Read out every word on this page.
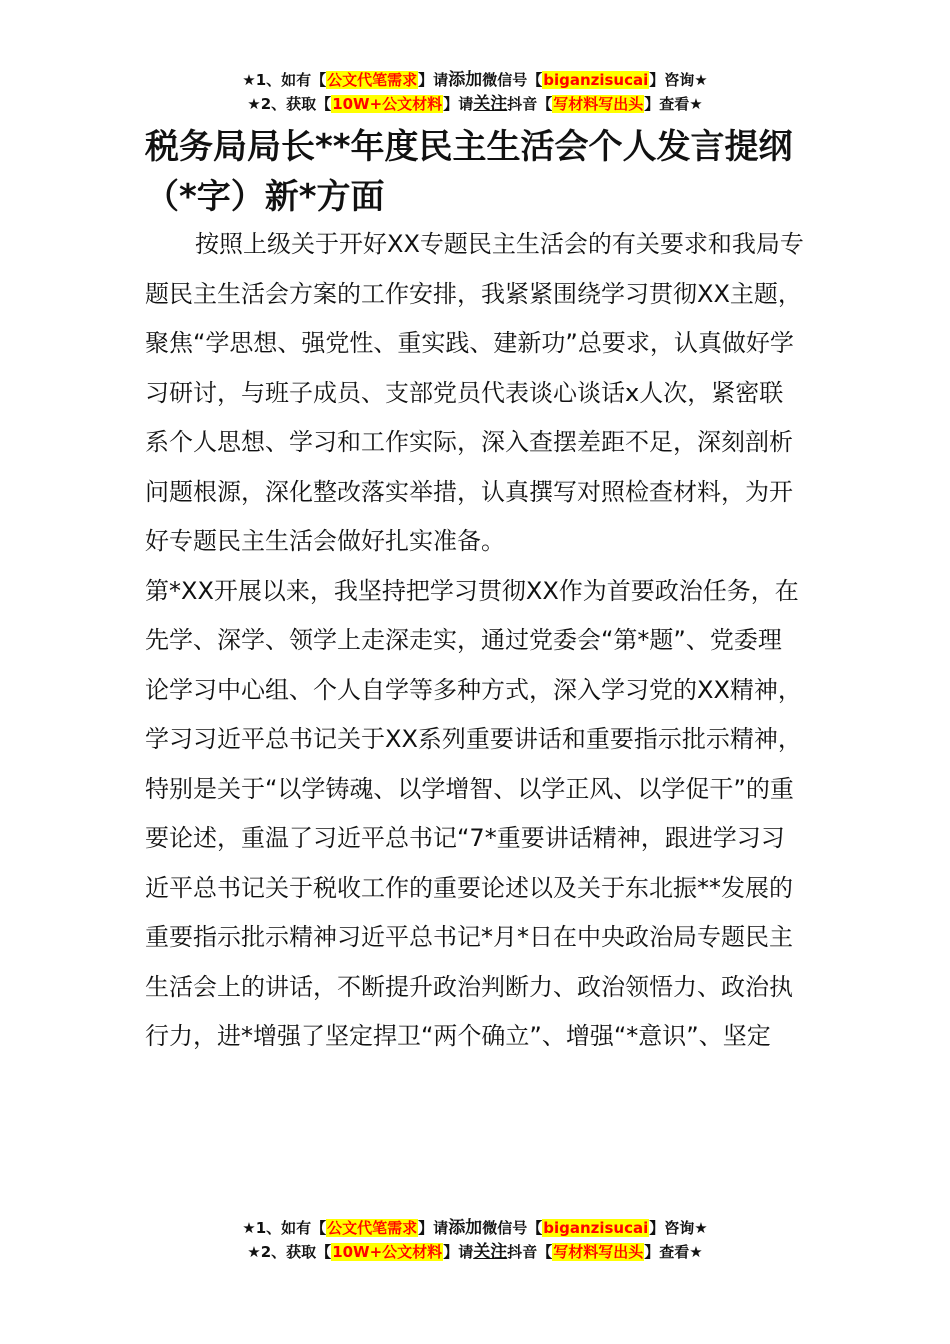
★1、如有【公文代笔需求】请添加微信号【biganzisucai】咨询★
★2、获取【10W+公文材料】请关注抖音【写材料写出头】查看★
税务局局长**年度民主生活会个人发言提纲（*字）新*方面

按照上级关于开好XX专题民主生活会的有关要求和我局专题民主生活会方案的工作安排，我紧紧围绕学习贯彻XX主题，聚焦“学思想、强党性、重实践、建新功”总要求，认真做好学习研讨，与班子成员、支部党员代表谈心谈话x人次，紧密联系个人思想、学习和工作实际，深入查摆差距不足，深刻剖析问题根源，深化整改落实举措，认真撰写对照检查材料，为开好专题民主生活会做好扎实准备。

第*XX开展以来，我坚持把学习贯彻XX作为首要政治任务，在先学、深学、领学上走深走实，通过党委会“第*题”、党委理论学习中心组、个人自学等多种方式，深入学习党的XX精神，学习习近平总书记关于XX系列重要讲话和重要指示批示精神，特别是关于“以学铸魂、以学增智、以学正风、以学促干”的重要论述，重温了习近平总书记“7*重要讲话精神，跟进学习习近平总书记关于税收工作的重要论述以及关于东北振**发展的重要指示批示精神习近平总书记*月*日在中央政治局专题民主生活会上的讲话，不断提升政治判断力、政治领悟力、政治执行力，进*增强了坚定捍卫“两个确立”、增强“*意识”、坚定

★1、如有【公文代笔需求】请添加微信号【biganzisucai】咨询★
★2、获取【10W+公文材料】请关注抖音【写材料写出头】查看★
